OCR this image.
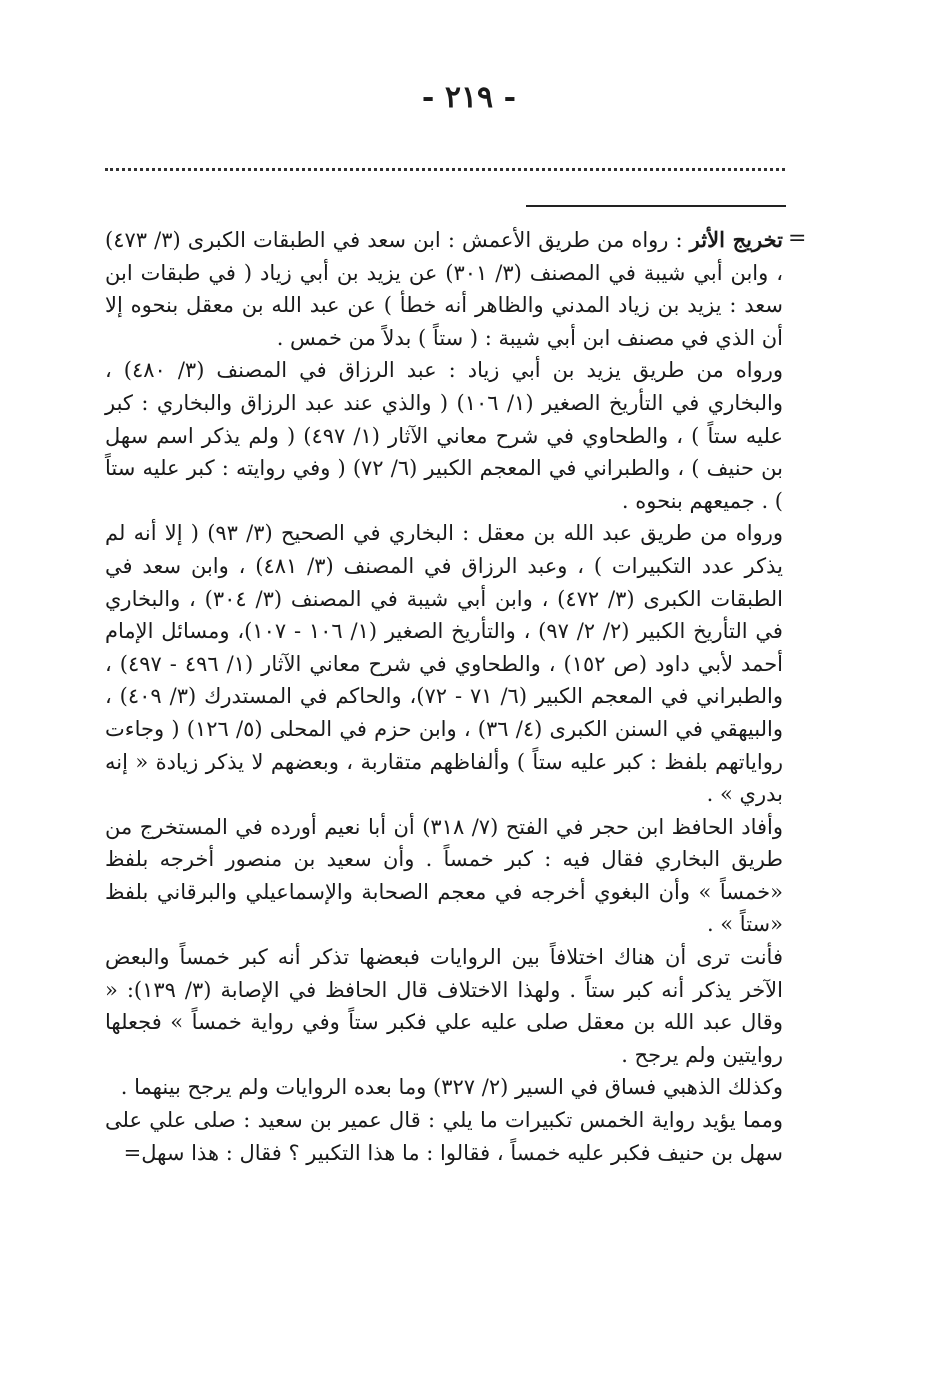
- ٢١٩ -
=

تخريج الأثر : رواه من طريق الأعمش : ابن سعد في الطبقات الكبرى (٣/ ٤٧٣) ، وابن أبي شيبة في المصنف (٣/ ٣٠١) عن يزيد بن أبي زياد ( في طبقات ابن سعد : يزيد بن زياد المدني والظاهر أنه خطأ ) عن عبد الله بن معقل بنحوه إلا أن الذي في مصنف ابن أبي شيبة : ( ستاً ) بدلاً من خمس .

ورواه من طريق يزيد بن أبي زياد : عبد الرزاق في المصنف (٣/ ٤٨٠) ، والبخاري في التأريخ الصغير (١/ ١٠٦) ( والذي عند عبد الرزاق والبخاري : كبر عليه ستاً ) ، والطحاوي في شرح معاني الآثار (١/ ٤٩٧) ( ولم يذكر اسم سهل بن حنيف ) ، والطبراني في المعجم الكبير (٦/ ٧٢) ( وفي روايته : كبر عليه ستاً ) . جميعهم بنحوه .

ورواه من طريق عبد الله بن معقل : البخاري في الصحيح (٣/ ٩٣) ( إلا أنه لم يذكر عدد التكبيرات ) ، وعبد الرزاق في المصنف (٣/ ٤٨١) ، وابن سعد في الطبقات الكبرى (٣/ ٤٧٢) ، وابن أبي شيبة في المصنف (٣/ ٣٠٤) ، والبخاري في التأريخ الكبير (٢/ ٢/ ٩٧) ، والتأريخ الصغير (١/ ١٠٦ - ١٠٧)، ومسائل الإمام أحمد لأبي داود (ص ١٥٢) ، والطحاوي في شرح معاني الآثار (١/ ٤٩٦ - ٤٩٧) ، والطبراني في المعجم الكبير (٦/ ٧١ - ٧٢)، والحاكم في المستدرك (٣/ ٤٠٩) ، والبيهقي في السنن الكبرى (٤/ ٣٦) ، وابن حزم في المحلى (٥/ ١٢٦) ( وجاءت رواياتهم بلفظ : كبر عليه ستاً ) وألفاظهم متقاربة ، وبعضهم لا يذكر زيادة « إنه بدري » .

وأفاد الحافظ ابن حجر في الفتح (٧/ ٣١٨) أن أبا نعيم أورده في المستخرج من طريق البخاري فقال فيه : كبر خمساً . وأن سعيد بن منصور أخرجه بلفظ «خمساً » وأن البغوي أخرجه في معجم الصحابة والإسماعيلي والبرقاني بلفظ «ستاً » .

فأنت ترى أن هناك اختلافاً بين الروايات فبعضها تذكر أنه كبر خمساً والبعض الآخر يذكر أنه كبر ستاً . ولهذا الاختلاف قال الحافظ في الإصابة (٣/ ١٣٩): « وقال عبد الله بن معقل صلى عليه علي فكبر ستاً وفي رواية خمساً » فجعلها روايتين ولم يرجح .

وكذلك الذهبي فساق في السير (٢/ ٣٢٧) وما بعده الروايات ولم يرجح بينهما .

ومما يؤيد رواية الخمس تكبيرات ما يلي : قال عمير بن سعيد : صلى علي على سهل بن حنيف فكبر عليه خمساً ، فقالوا : ما هذا التكبير ؟ فقال : هذا سهل=
